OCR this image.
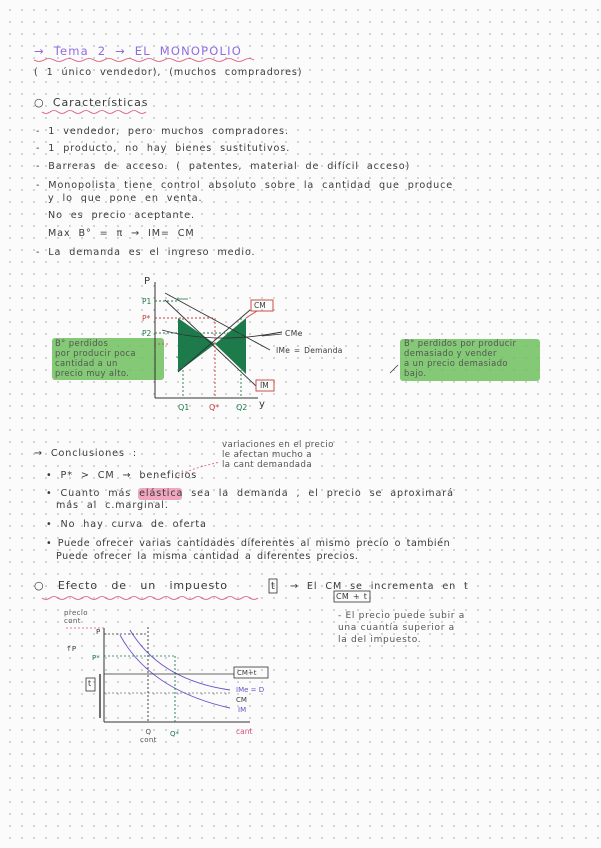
→ Tema 2 → EL MONOPOLIO
( 1 único vendedor), (muchos compradores)
○ Características
- 1 vendedor, pero muchos compradores.
- 1 producto, no hay bienes sustitutivos.
- Barreras de acceso. ( patentes, material de difícil acceso)
- Monopolista tiene control absoluto sobre la cantidad que produce
y lo que pone en venta.
No es precio aceptante.
Max B° = π → IM= CM
- La demanda es el ingreso medio.
B° perdidos
por producir poca
cantidad a un
precio muy alto.
B° perdidos por producir
demasiado y vender
a un precio demasiado
bajo.
P
P1
P*
P2
Q1 Q* Q2 y
CM
CMe
IMe = Demanda
IM
→ Conclusiones :
variaciones en el precio
le afectan mucho a
la cant demandada
• P* > CM → beneficios
• Cuanto más elástica sea la demanda , el precio se aproximará
más al c.marginal.
• No hay curva de oferta
• Puede ofrecer varias cantidades diferentes al mismo precio o también
Puede ofrecer la misma cantidad a diferentes precios.
○ Efecto de un impuesto	t → El CM se incrementa en t
CM + t
- El precio puede subir a
una cuantía superior a
la del impuesto.
precio
cont
P
↑P
P*
t
CM+t
IMe = D
IM
CM
Q
cont
Q*	cant
